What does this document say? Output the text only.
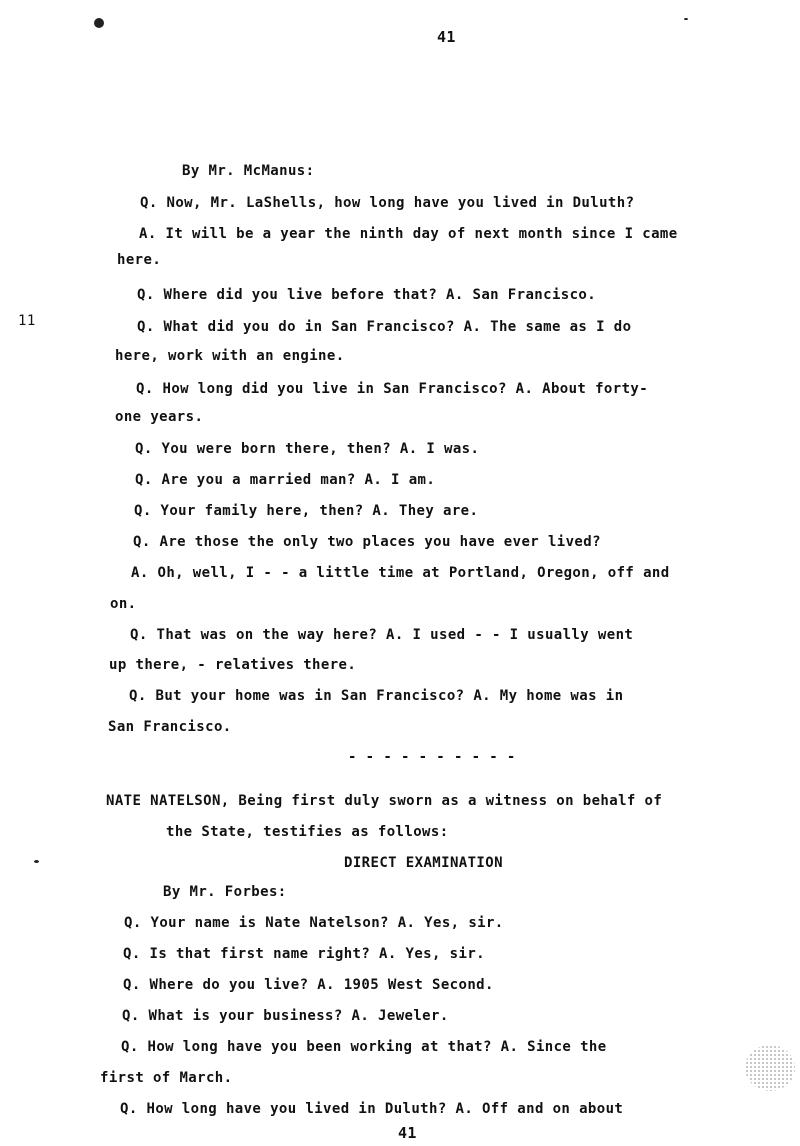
41
11
By Mr. McManus:
Q. Now, Mr. LaShells, how long have you lived in Duluth?
A. It will be a year the ninth day of next month since I came
here.
Q. Where did you live before that? A. San Francisco.
Q. What did you do in San Francisco? A. The same as I do
here, work with an engine.
Q. How long did you live in San Francisco? A. About forty-
one years.
Q. You were born there, then? A. I was.
Q. Are you a married man? A. I am.
Q. Your family here, then? A. They are.
Q. Are those the only two places you have ever lived?
A. Oh, well, I - - a little time at Portland, Oregon, off and
on.
Q. That was on the way here? A. I used - - I usually went
up there, - relatives there.
Q. But your home was in San Francisco? A. My home was in
San Francisco.
- - - - - - - - - -
NATE NATELSON, Being first duly sworn as a witness on behalf of
the State, testifies as follows:
DIRECT EXAMINATION
By Mr. Forbes:
Q. Your name is Nate Natelson? A. Yes, sir.
Q. Is that first name right? A. Yes, sir.
Q. Where do you live? A. 1905 West Second.
Q. What is your business? A. Jeweler.
Q. How long have you been working at that? A. Since the
first of March.
Q. How long have you lived in Duluth? A. Off and on about
41
